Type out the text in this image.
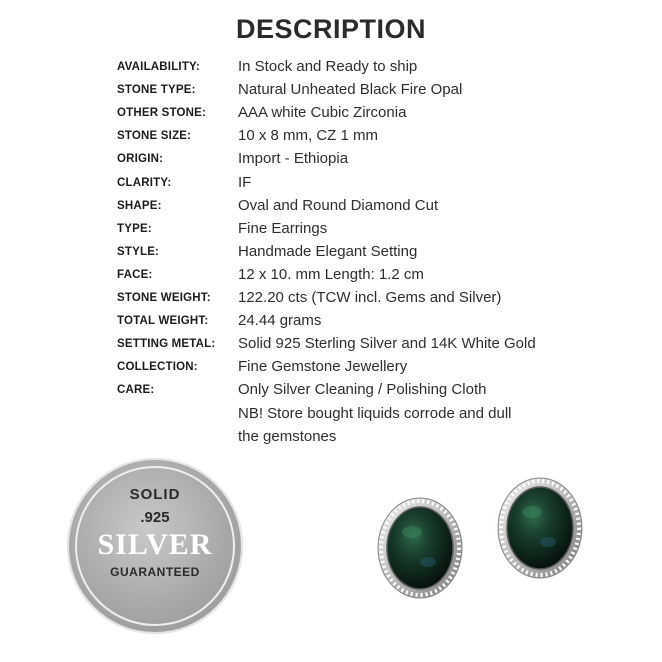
DESCRIPTION
AVAILABILITY:	In Stock and Ready to ship
STONE TYPE:	Natural Unheated Black Fire Opal
OTHER STONE:	AAA white Cubic Zirconia
STONE SIZE:	10 x 8 mm, CZ 1 mm
ORIGIN:	Import - Ethiopia
CLARITY:	IF
SHAPE:	Oval and Round Diamond Cut
TYPE:	Fine Earrings
STYLE:	Handmade Elegant Setting
FACE:	12 x 10. mm Length: 1.2 cm
STONE WEIGHT:	122.20 cts (TCW incl. Gems and Silver)
TOTAL WEIGHT:	24.44 grams
SETTING METAL:	Solid 925 Sterling Silver and 14K White Gold
COLLECTION:	Fine Gemstone Jewellery
CARE:	Only Silver Cleaning / Polishing Cloth
NB! Store bought liquids corrode and dull
the gemstones
SOLID
.925
SILVER
GUARANTEED
